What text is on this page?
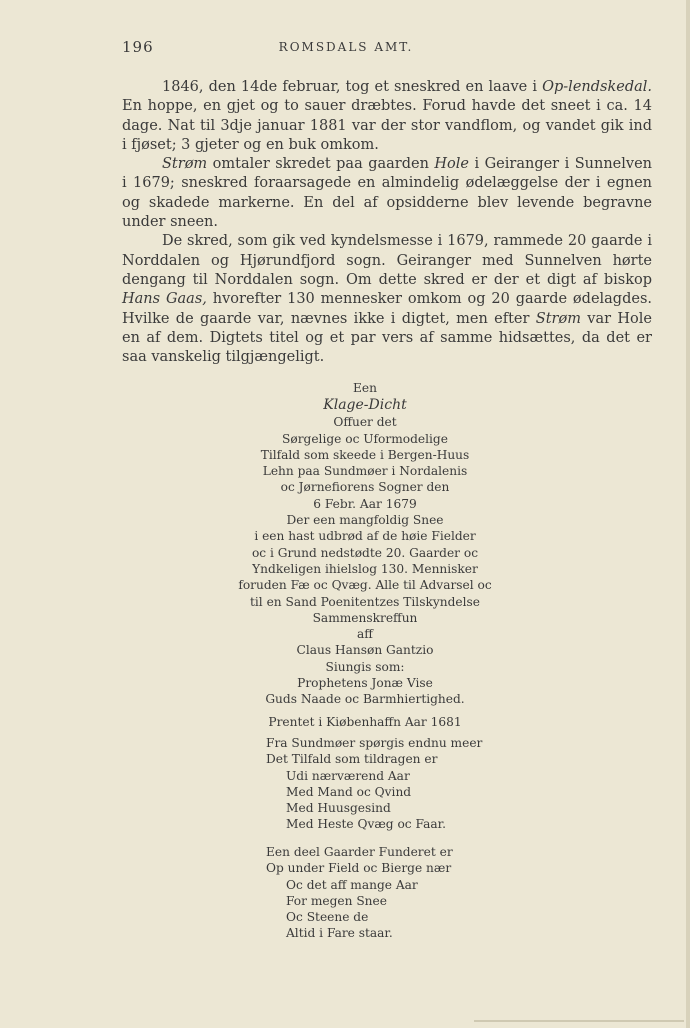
196	ROMSDALS AMT.

1846, den 14de februar, tog et sneskred en laave i Op-lendskedal. En hoppe, en gjet og to sauer dræbtes. Forud havde det sneet i ca. 14 dage. Nat til 3dje januar 1881 var der stor vandflom, og vandet gik ind i fjøset; 3 gjeter og en buk omkom.

Strøm omtaler skredet paa gaarden Hole i Geiranger i Sunnelven i 1679; sneskred foraarsagede en almindelig ødelæggelse der i egnen og skadede markerne. En del af opsidderne blev levende begravne under sneen.

De skred, som gik ved kyndelsmesse i 1679, rammede 20 gaarde i Norddalen og Hjørundfjord sogn. Geiranger med Sunnelven hørte dengang til Norddalen sogn. Om dette skred er der et digt af biskop Hans Gaas, hvorefter 130 mennesker omkom og 20 gaarde ødelagdes. Hvilke de gaarde var, nævnes ikke i digtet, men efter Strøm var Hole en af dem. Digtets titel og et par vers af samme hidsættes, da det er saa vanskelig tilgjængeligt.

Een
Klage-Dicht
Offuer det
Sørgelige oc Uformodelige
Tilfald som skeede i Bergen-Huus
Lehn paa Sundmøer i Nordalenis
oc Jørnefiorens Sogner den
6 Febr. Aar 1679
Der een mangfoldig Snee
i een hast udbrød af de høie Fielder
oc i Grund nedstødte 20. Gaarder oc
Yndkeligen ihielslog 130. Mennisker
foruden Fæ oc Qvæg. Alle til Advarsel oc
til en Sand Poenitentzes Tilskyndelse
Sammenskreffun
aff
Claus Hansøn Gantzio
Siungis som:
Prophetens Jonæ Vise
Guds Naade oc Barmhiertighed.
Prentet i Kiøbenhaffn Aar 1681
Fra Sundmøer spørgis endnu meer
Det Tilfald som tildragen er
Udi nærværend Aar
Med Mand oc Qvind
Med Huusgesind
Med Heste Qvæg oc Faar.
Een deel Gaarder Funderet er
Op under Field oc Bierge nær
Oc det aff mange Aar
For megen Snee
Oc Steene de
Altid i Fare staar.
